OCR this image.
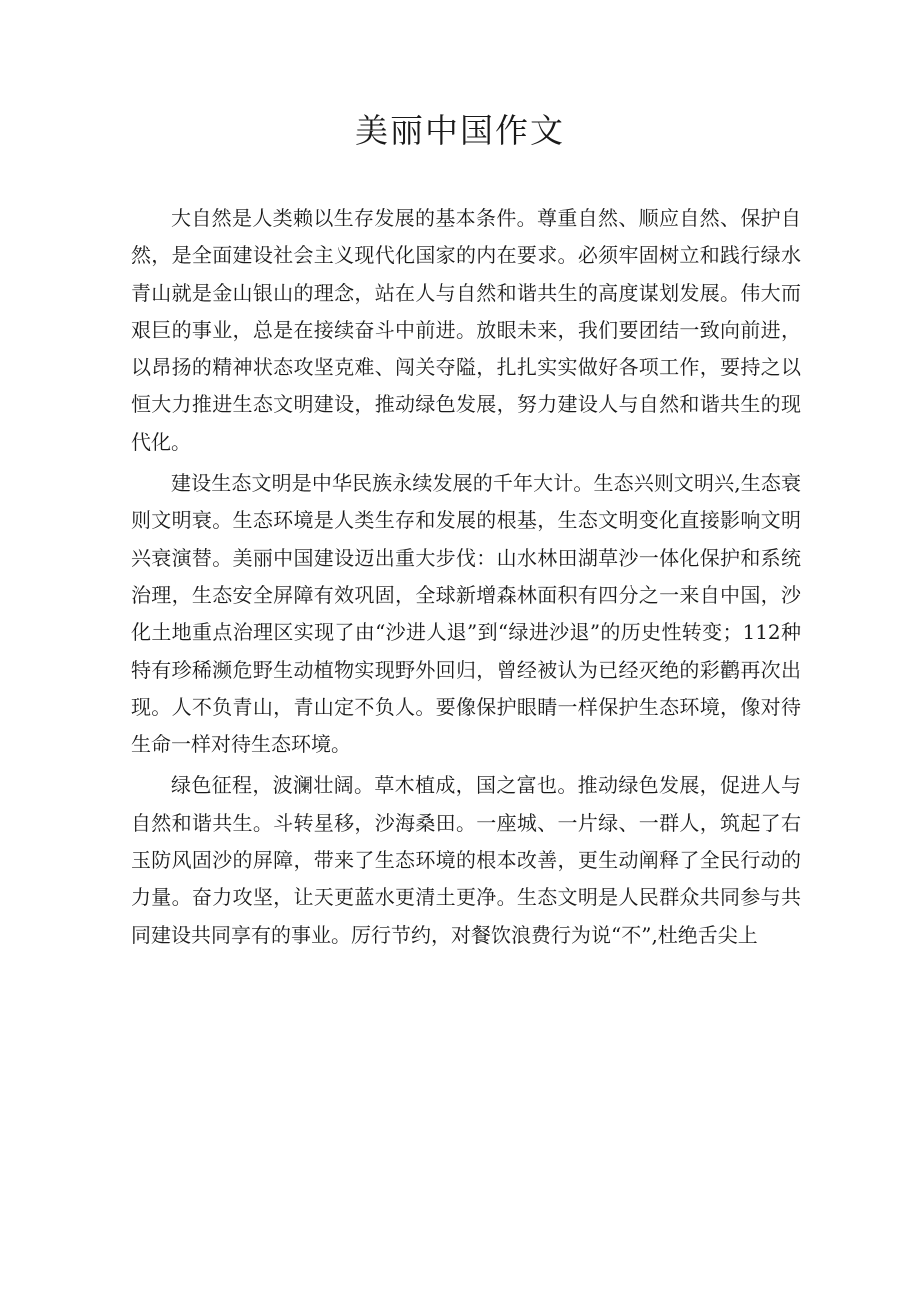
美丽中国作文

大自然是人类赖以生存发展的基本条件。尊重自然、顺应自然、保护自然，是全面建设社会主义现代化国家的内在要求。必须牢固树立和践行绿水青山就是金山银山的理念，站在人与自然和谐共生的高度谋划发展。伟大而艰巨的事业，总是在接续奋斗中前进。放眼未来，我们要团结一致向前进，以昂扬的精神状态攻坚克难、闯关夺隘，扎扎实实做好各项工作，要持之以恒大力推进生态文明建设，推动绿色发展，努力建设人与自然和谐共生的现代化。

建设生态文明是中华民族永续发展的千年大计。生态兴则文明兴,生态衰则文明衰。生态环境是人类生存和发展的根基，生态文明变化直接影响文明兴衰演替。美丽中国建设迈出重大步伐：山水林田湖草沙一体化保护和系统治理，生态安全屏障有效巩固，全球新增森林面积有四分之一来自中国，沙化土地重点治理区实现了由“沙进人退”到“绿进沙退”的历史性转变；112种特有珍稀濒危野生动植物实现野外回归，曾经被认为已经灭绝的彩鹳再次出现。人不负青山，青山定不负人。要像保护眼睛一样保护生态环境，像对待生命一样对待生态环境。

绿色征程，波澜壮阔。草木植成，国之富也。推动绿色发展，促进人与自然和谐共生。斗转星移，沙海桑田。一座城、一片绿、一群人，筑起了右玉防风固沙的屏障，带来了生态环境的根本改善，更生动阐释了全民行动的力量。奋力攻坚，让天更蓝水更清土更净。生态文明是人民群众共同参与共同建设共同享有的事业。厉行节约，对餐饮浪费行为说“不”,杜绝舌尖上
